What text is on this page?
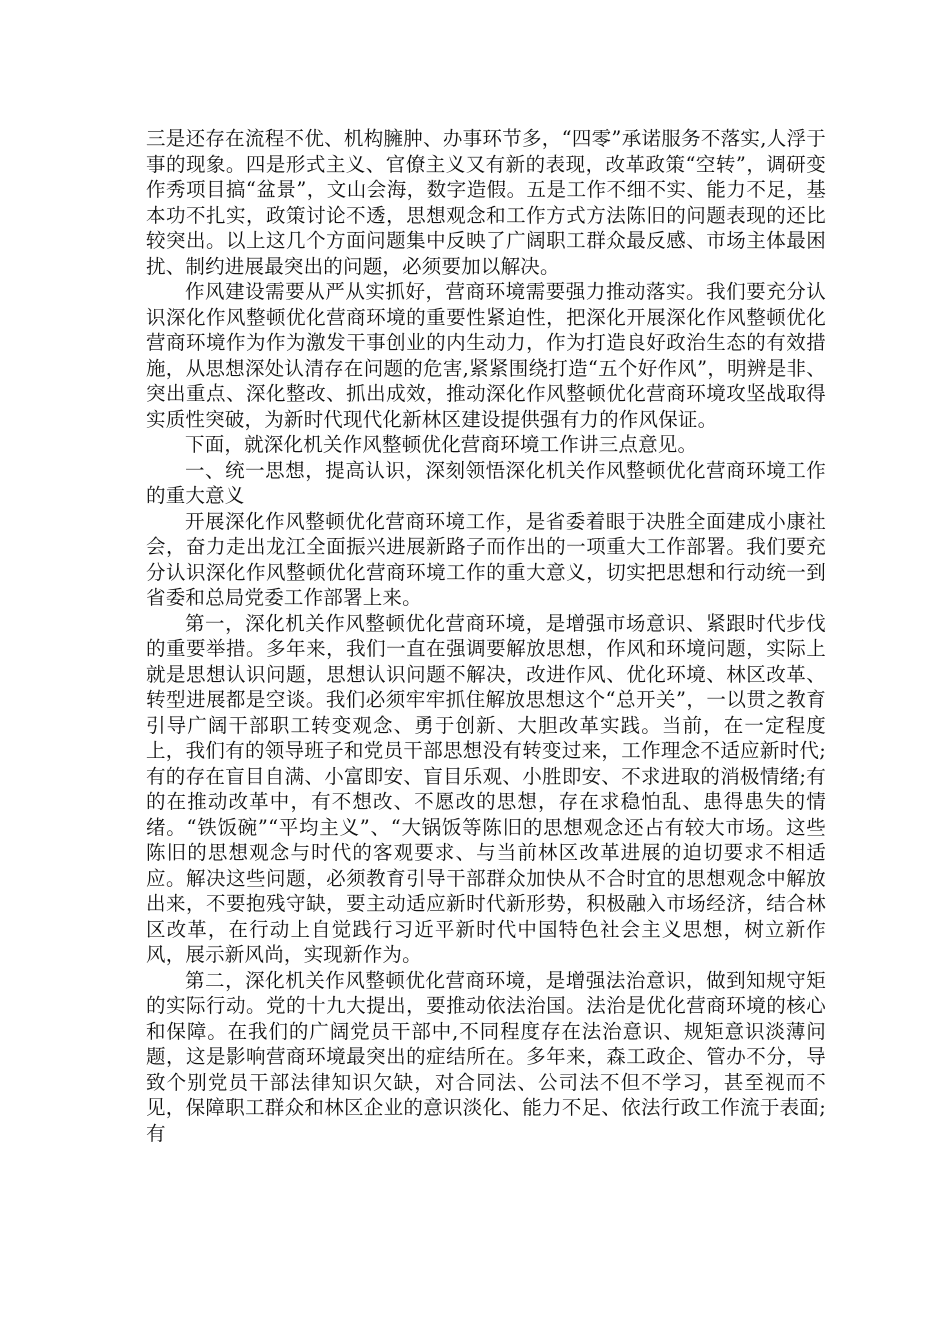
三是还存在流程不优、机构臃肿、办事环节多，“四零”承诺服务不落实,人浮于事的现象。四是形式主义、官僚主义又有新的表现，改革政策“空转”，调研变作秀项目搞“盆景”，文山会海，数字造假。五是工作不细不实、能力不足，基本功不扎实，政策讨论不透，思想观念和工作方式方法陈旧的问题表现的还比较突出。以上这几个方面问题集中反映了广阔职工群众最反感、市场主体最困扰、制约进展最突出的问题，必须要加以解决。

作风建设需要从严从实抓好，营商环境需要强力推动落实。我们要充分认识深化作风整顿优化营商环境的重要性紧迫性，把深化开展深化作风整顿优化营商环境作为作为激发干事创业的内生动力，作为打造良好政治生态的有效措施，从思想深处认清存在问题的危害,紧紧围绕打造“五个好作风”，明辨是非、突出重点、深化整改、抓出成效，推动深化作风整顿优化营商环境攻坚战取得实质性突破，为新时代现代化新林区建设提供强有力的作风保证。

下面，就深化机关作风整顿优化营商环境工作讲三点意见。

一、统一思想，提高认识，深刻领悟深化机关作风整顿优化营商环境工作的重大意义

开展深化作风整顿优化营商环境工作，是省委着眼于决胜全面建成小康社会，奋力走出龙江全面振兴进展新路子而作出的一项重大工作部署。我们要充分认识深化作风整顿优化营商环境工作的重大意义，切实把思想和行动统一到省委和总局党委工作部署上来。

第一，深化机关作风整顿优化营商环境，是增强市场意识、紧跟时代步伐的重要举措。多年来，我们一直在强调要解放思想，作风和环境问题，实际上就是思想认识问题，思想认识问题不解决，改进作风、优化环境、林区改革、转型进展都是空谈。我们必须牢牢抓住解放思想这个“总开关”，一以贯之教育引导广阔干部职工转变观念、勇于创新、大胆改革实践。当前，在一定程度上，我们有的领导班子和党员干部思想没有转变过来，工作理念不适应新时代;有的存在盲目自满、小富即安、盲目乐观、小胜即安、不求进取的消极情绪;有的在推动改革中，有不想改、不愿改的思想，存在求稳怕乱、患得患失的情绪。“铁饭碗”“平均主义”、“大锅饭等陈旧的思想观念还占有较大市场。这些陈旧的思想观念与时代的客观要求、与当前林区改革进展的迫切要求不相适应。解决这些问题，必须教育引导干部群众加快从不合时宜的思想观念中解放出来，不要抱残守缺，要主动适应新时代新形势，积极融入市场经济，结合林区改革，在行动上自觉践行习近平新时代中国特色社会主义思想，树立新作风，展示新风尚，实现新作为。

第二，深化机关作风整顿优化营商环境，是增强法治意识，做到知规守矩的实际行动。党的十九大提出，要推动依法治国。法治是优化营商环境的核心和保障。在我们的广阔党员干部中,不同程度存在法治意识、规矩意识淡薄问题，这是影响营商环境最突出的症结所在。多年来，森工政企、管办不分，导致个别党员干部法律知识欠缺，对合同法、公司法不但不学习，甚至视而不见，保障职工群众和林区企业的意识淡化、能力不足、依法行政工作流于表面;有
